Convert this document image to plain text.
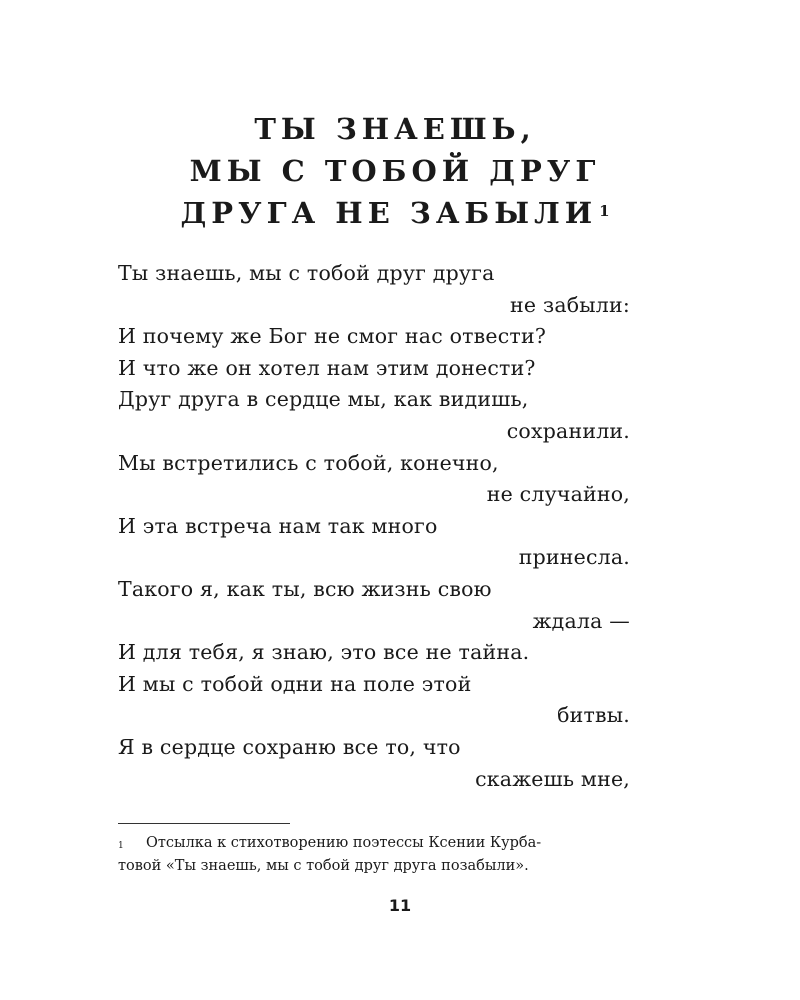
ТЫ ЗНАЕШЬ,
МЫ С ТОБОЙ ДРУГ
ДРУГА НЕ ЗАБЫЛИ $^1$
Ты знаешь, мы с тобой друг друга
не забыли:
И почему же Бог не смог нас отвести?
И что же он хотел нам этим донести?
Друг друга в сердце мы, как видишь,
сохранили.
Мы встретились с тобой, конечно,
не случайно,
И эта встреча нам так много
принесла.
Такого я, как ты, всю жизнь свою
ждала —
И для тебя, я знаю, это все не тайна.
И мы с тобой одни на поле этой
битвы.
Я в сердце сохраню все то, что
скажешь мне,
1 Отсылка к стихотворению поэтессы Ксении Курба-
товой «Ты знаешь, мы с тобой друг друга позабыли».
11
